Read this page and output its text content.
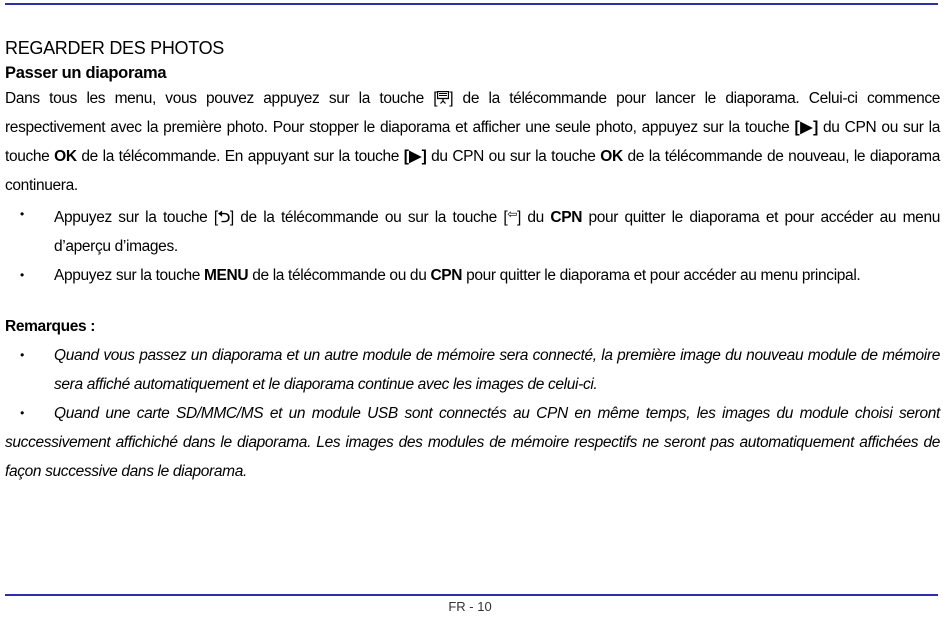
REGARDER DES PHOTOS
Passer un diaporama

Dans tous les menu, vous pouvez appuyez sur la touche [ ] de la télécommande pour lancer le diaporama. Celui-ci commence respectivement avec la première photo. Pour stopper le diaporama et afficher une seule photo, appuyez sur la touche [▶] du CPN ou sur la touche OK de la télécommande. En appuyant sur la touche [▶] du CPN ou sur la touche OK de la télécommande de nouveau, le diaporama continuera.

• Appuyez sur la touche [⮌] de la télécommande ou sur la touche [⇦] du CPN pour quitter le diaporama et pour accéder au menu d’aperçu d’images.
• Appuyez sur la touche MENU de la télécommande ou du CPN pour quitter le diaporama et pour accéder au menu principal.
Remarques :
• Quand vous passez un diaporama et un autre module de mémoire sera connecté, la première image du nouveau module de mémoire sera affiché automatiquement et le diaporama continue avec les images de celui-ci.
• Quand une carte SD/MMC/MS et un module USB sont connectés au CPN en même temps, les images du module choisi seront successivement affichiché dans le diaporama. Les images des modules de mémoire respectifs ne seront pas automatiquement affichées de façon successive dans le diaporama.
FR - 10
